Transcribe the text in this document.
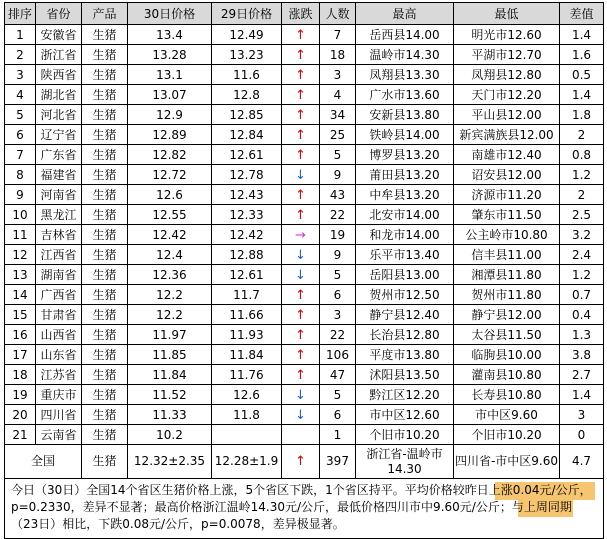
排序	省份	产品	30日价格	29日价格	涨跌	人数	最高	最低	差值
1	安徽省	生猪	13.4	12.49	↑	7	岳西县14.00	明光市12.60	1.4
2	浙江省	生猪	13.28	13.23	↑	18	温岭市14.30	平湖市12.70	1.6
3	陕西省	生猪	13.1	11.6	↑	3	凤翔县13.30	凤翔县12.80	0.5
4	湖北省	生猪	13.07	12.8	↑	4	广水市13.60	天门市12.20	1.4
5	河北省	生猪	12.9	12.85	↑	34	安新县13.80	平山县12.00	1.8
6	辽宁省	生猪	12.89	12.84	↑	25	铁岭县14.00	新宾满族县12.00	2
7	广东省	生猪	12.82	12.61	↑	5	博罗县13.20	南雄市12.40	0.8
8	福建省	生猪	12.72	12.78	↓	9	莆田县13.20	诏安县12.00	1.2
9	河南省	生猪	12.6	12.43	↑	43	中牟县13.20	济源市11.20	2
10	黑龙江	生猪	12.55	12.33	↑	22	北安市14.00	肇东市11.50	2.5
11	吉林省	生猪	12.42	12.42	→	19	和龙市14.00	公主岭市10.80	3.2
12	江西省	生猪	12.4	12.88	↓	9	乐平市13.40	信丰县11.00	2.4
13	湖南省	生猪	12.36	12.61	↓	5	岳阳县13.00	湘潭县11.80	1.2
14	广西省	生猪	12.2	11.7	↑	6	贺州市12.50	贺州市11.80	0.7
15	甘肃省	生猪	12.2	11.66	↑	3	静宁县12.40	静宁县12.00	0.4
16	山西省	生猪	11.97	11.93	↑	22	长治县12.80	太谷县11.50	1.3
17	山东省	生猪	11.85	11.84	↑	106	平度市13.80	临朐县10.00	3.8
18	江苏省	生猪	11.84	11.76	↑	47	沭阳县13.50	灌南县10.80	2.7
19	重庆市	生猪	11.52	12.6	↓	5	黔江区12.20	长寿县10.80	1.4
20	四川省	生猪	11.33	11.8	↓	6	市中区12.60	市中区9.60	3
21	云南省	生猪	10.2			1	个旧市10.20	个旧市10.20	0
全国		生猪	12.32±2.35	12.28±1.9	↑	397	浙江省-温岭市14.30	四川省-市中区9.60	4.7

今日（30日）全国14个省区生猪价格上涨，5个省区下跌，1个省区持平。平均价格较昨日上涨0.04元/公斤，p=0.2330，差异不显著；最高价格浙江温岭14.30元/公斤，最低价格四川市中9.60元/公斤；与上周同期（23日）相比，下跌0.08元/公斤，p=0.0078，差异极显著。									
